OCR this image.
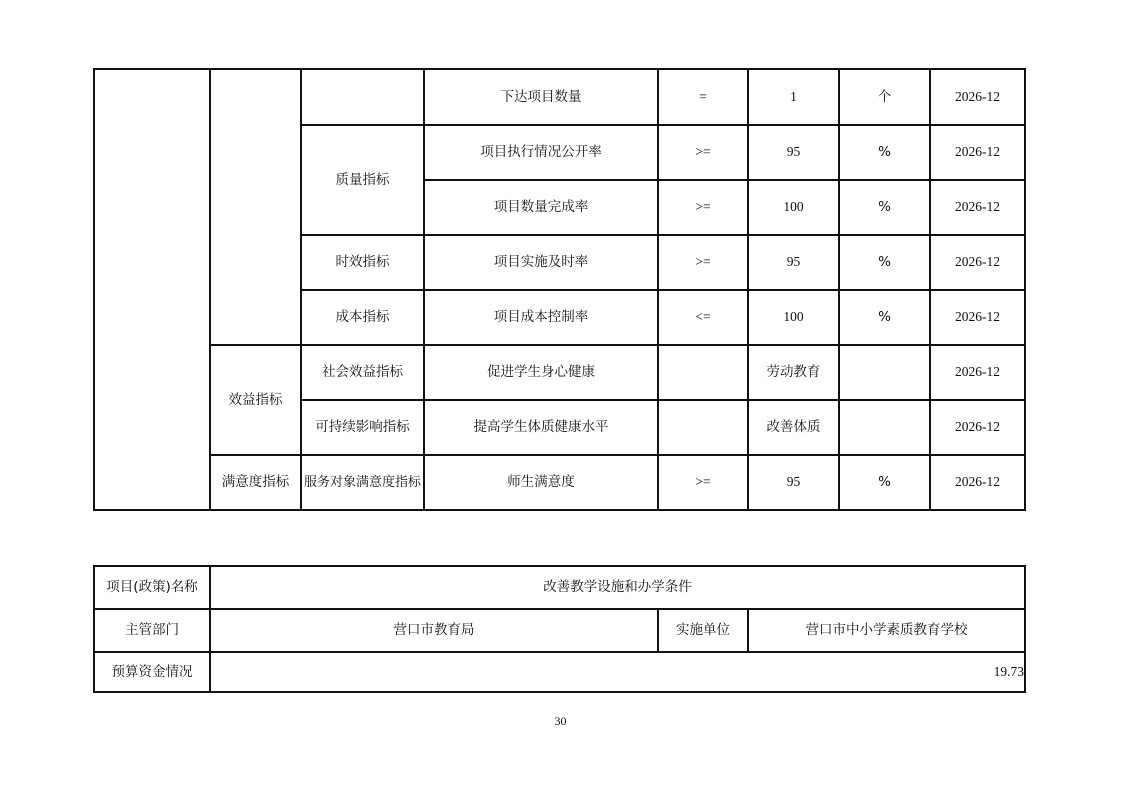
			下达项目数量	=	1	个	2026-12
		质量指标	项目执行情况公开率	>=	95	%	2026-12
			项目数量完成率	>=	100	%	2026-12
		时效指标	项目实施及时率	>=	95	%	2026-12
		成本指标	项目成本控制率	<=	100	%	2026-12
	效益指标	社会效益指标	促进学生身心健康		劳动教育		2026-12
		可持续影响指标	提高学生体质健康水平		改善体质		2026-12
	满意度指标	服务对象满意度指标	师生满意度	>=	95	%	2026-12
项目(政策)名称	改善教学设施和办学条件		
主管部门	营口市教育局	实施单位	营口市中小学素质教育学校
预算资金情况	19.73		
30
